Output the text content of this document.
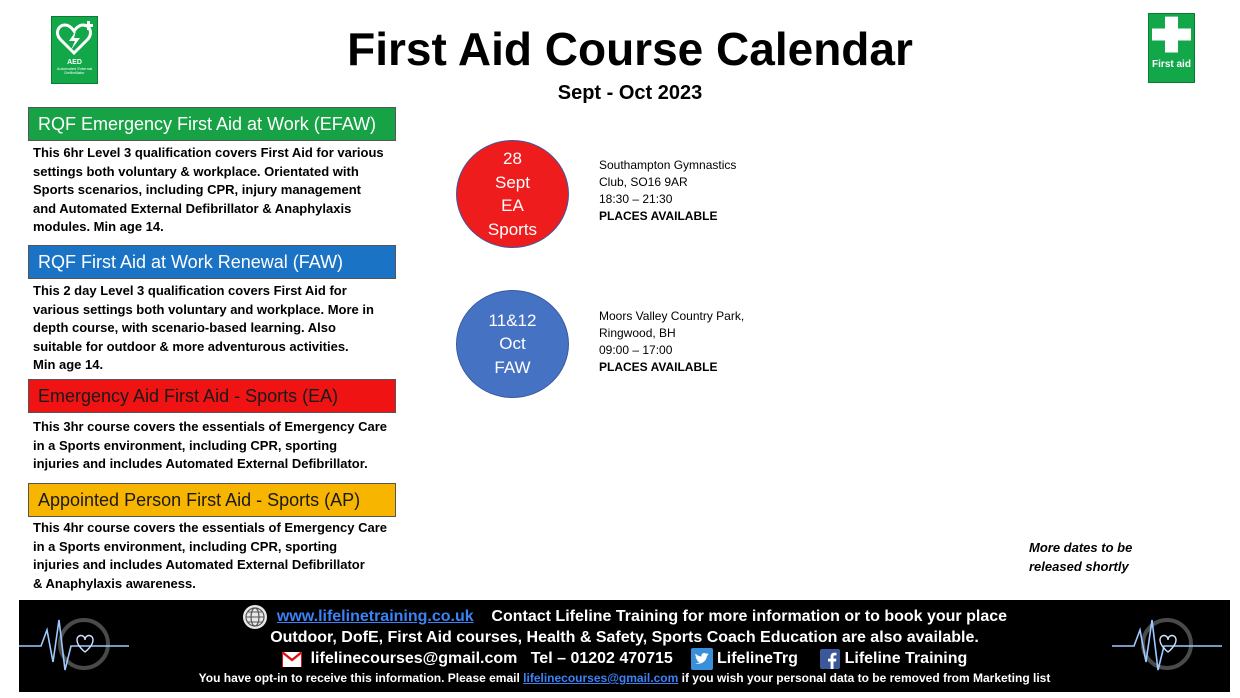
AED
Automated External Defibrillator	First Aid Course Calendar
Sept - Oct 2023
First aid
RQF Emergency First Aid at Work (EFAW)
This 6hr Level 3 qualification covers First Aid for various
settings both voluntary & workplace. Orientated with
Sports scenarios, including CPR, injury management
and Automated External Defibrillator & Anaphylaxis
modules. Min age 14.
RQF First Aid at Work Renewal (FAW)
This 2 day Level 3 qualification covers First Aid for
various settings both voluntary and workplace. More in
depth course, with scenario-based learning. Also
suitable for outdoor & more adventurous activities.
Min age 14.
Emergency Aid First Aid - Sports (EA)
This 3hr course covers the essentials of Emergency Care
in a Sports environment, including CPR, sporting
injuries and includes Automated External Defibrillator.
Appointed Person First Aid - Sports (AP)
This 4hr course covers the essentials of Emergency Care
in a Sports environment, including CPR, sporting
injuries and includes Automated External Defibrillator
& Anaphylaxis awareness.
28
Sept
EA
Sports
Southampton Gymnastics
Club, SO16 9AR
18:30 – 21:30
PLACES AVAILABLE
11&12
Oct
FAW
Moors Valley Country Park,
Ringwood, BH
09:00 – 17:00
PLACES AVAILABLE
More dates to be
released shortly
www.lifelinetraining.co.uk Contact Lifeline Training for more information or to book your place
Outdoor, DofE, First Aid courses, Health & Safety, Sports Coach Education are also available.
lifelinecourses@gmail.com Tel – 01202 470715	LifelineTrg	Lifeline Training
You have opt-in to receive this information. Please email lifelinecourses@gmail.com if you wish your personal data to be removed from Marketing list
